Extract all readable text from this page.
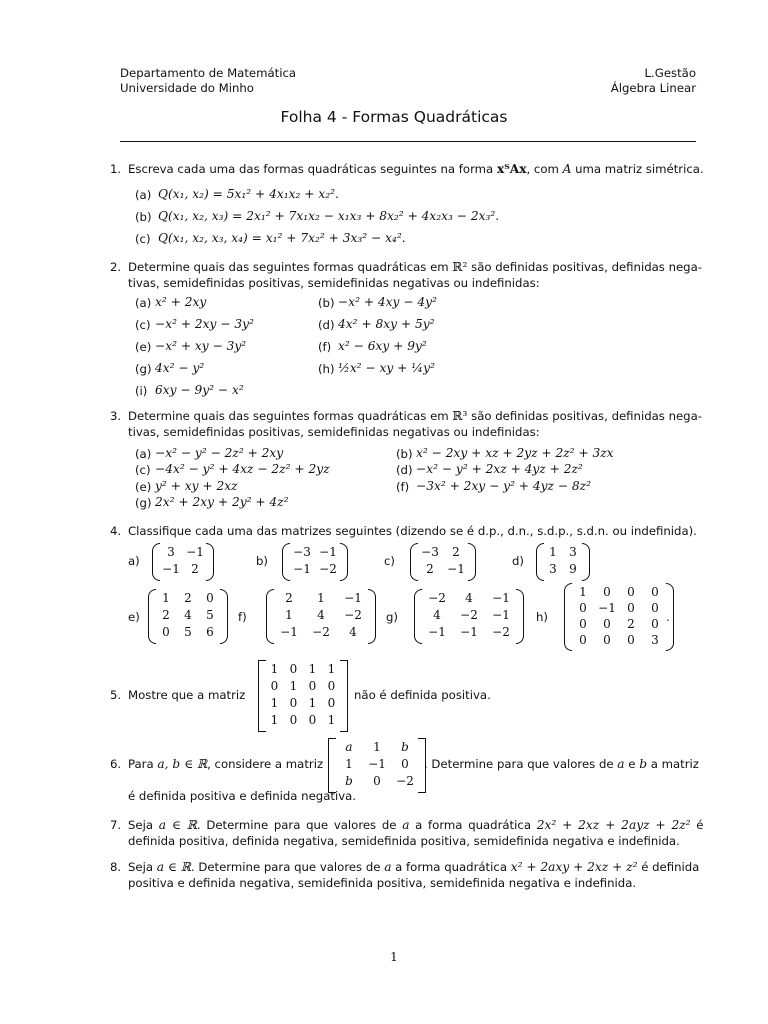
Departamento de Matemática
Universidade do Minho
L.Gestão
Álgebra Linear
Folha 4 - Formas Quadráticas
1. Escreva cada uma das formas quadráticas seguintes na forma xᵀAx, com A uma matriz simétrica.
(a) Q(x₁, x₂) = 5x₁² + 4x₁x₂ + x₂².
(b) Q(x₁, x₂, x₃) = 2x₁² + 7x₁x₂ − x₁x₃ + 8x₂² + 4x₂x₃ − 2x₃².
(c) Q(x₁, x₂, x₃, x₄) = x₁² + 7x₂² + 3x₃² − x₄².
2. Determine quais das seguintes formas quadráticas em ℝ² são definidas positivas, definidas nega-
tivas, semidefinidas positivas, semidefinidas negativas ou indefinidas:
(a) x² + 2xy	(b) −x² + 4xy − 4y²
(c) −x² + 2xy − 3y²	(d) 4x² + 8xy + 5y²
(e) −x² + xy − 3y²	(f) x² − 6xy + 9y²
(g) 4x² − y²	(h) ½x² − xy + ¼y²
(i) 6xy − 9y² − x²
3. Determine quais das seguintes formas quadráticas em ℝ³ são definidas positivas, definidas nega-
tivas, semidefinidas positivas, semidefinidas negativas ou indefinidas:
(a) −x² − y² − 2z² + 2xy	(b) x² − 2xy + xz + 2yz + 2z² + 3zx
(c) −4x² − y² + 4xz − 2z² + 2yz	(d) −x² − y² + 2xz + 4yz + 2z²
(e) y² + xy + 2xz	(f) −3x² + 2xy − y² + 4yz − 8z²
(g) 2x² + 2xy + 2y² + 4z²
4. Classifique cada uma das matrizes seguintes (dizendo se é d.p., d.n., s.d.p., s.d.n. ou indefinida).
a)
3 −1
−1 2
b)
−3 −1
−1 −2
c)
−3	2
2	−1
d)
1	3
3	9
e)
1	2	0
2	4	5
0	5	6
f)
2	1	−1
1	4	−2
−1	−2	4
g)
−2	4	−1
4	−2	−1
−1	−1	−2
h)
1	0	0	0
0 −1 0	0
0	0	2	0
0	0	0	3
.
5. Mostre que a matriz
1 0 1 1
0 1 0 0
1 0 1 0
1 0 0 1
não é definida positiva.
6. Para a, b ∈ ℝ, considere a matriz
a	1	b
1	−1	0
b	0	−2
. Determine para que valores de a e b a matriz
é definida positiva e definida negativa.
7. Seja a ∈ ℝ. Determine para que valores de a a forma quadrática 2x² + 2xz + 2ayz + 2z² é
definida positiva, definida negativa, semidefinida positiva, semidefinida negativa e indefinida.
8. Seja a ∈ ℝ. Determine para que valores de a a forma quadrática x² + 2axy + 2xz + z² é definida
positiva e definida negativa, semidefinida positiva, semidefinida negativa e indefinida.
1
